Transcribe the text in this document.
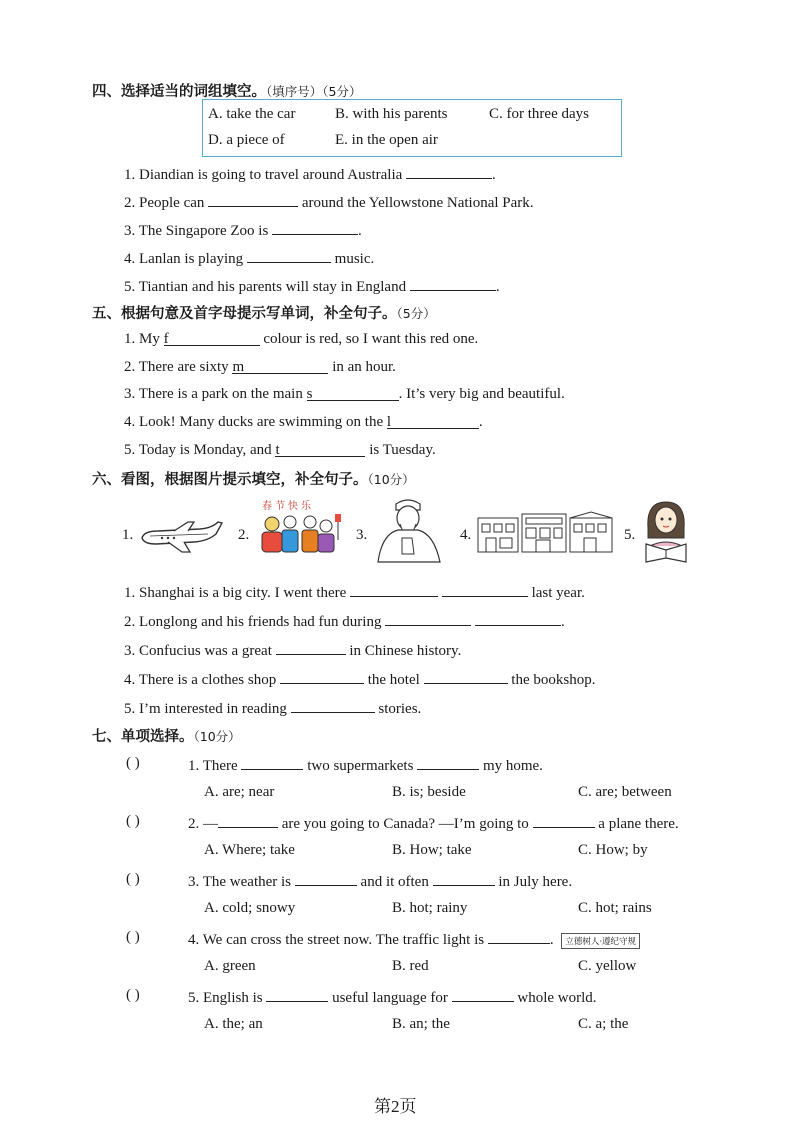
四、选择适当的词组填空。（填序号）（5分）
A. take the car	B. with his parents	C. for three days
D. a piece of	E. in the open air
1. Diandian is going to travel around Australia	.
2. People can	around the Yellowstone National Park.
3. The Singapore Zoo is	.
4. Lanlan is playing	music.
5. Tiantian and his parents will stay in England	.
五、根据句意及首字母提示写单词，补全句子。（5分）
1. My f	colour is red, so I want this red one.
2. There are sixty m	in an hour.
3. There is a park on the main s	. It’s very big and beautiful.
4. Look! Many ducks are swimming on the l	.
5. Today is Monday, and t	is Tuesday.
六、看图，根据图片提示填空，补全句子。（10分）
1.	2.
春节快乐
3.	4.	5.
1. Shanghai is a big city. I went there	last year.
2. Longlong and his friends had fun during	.
3. Confucius was a great	in Chinese history.
4. There is a clothes shop	the hotel	the bookshop.
5. I’m interested in reading	stories.
七、单项选择。（10分）
( )	1. There	two supermarkets	my home.
A. are; near	B. is; beside	C. are; between
( )	2. —	are you going to Canada? —I’m going to	a plane there.
A. Where; take	B. How; take	C. How; by
( )	3. The weather is	and it often	in July here.
A. cold; snowy	B. hot; rainy	C. hot; rains
( )	4. We can cross the street now. The traffic light is	. 立德树人·遵纪守规
A. green	B. red	C. yellow
( )	5. English is	useful language for	whole world.
A. the; an	B. an; the	C. a; the
第2页
